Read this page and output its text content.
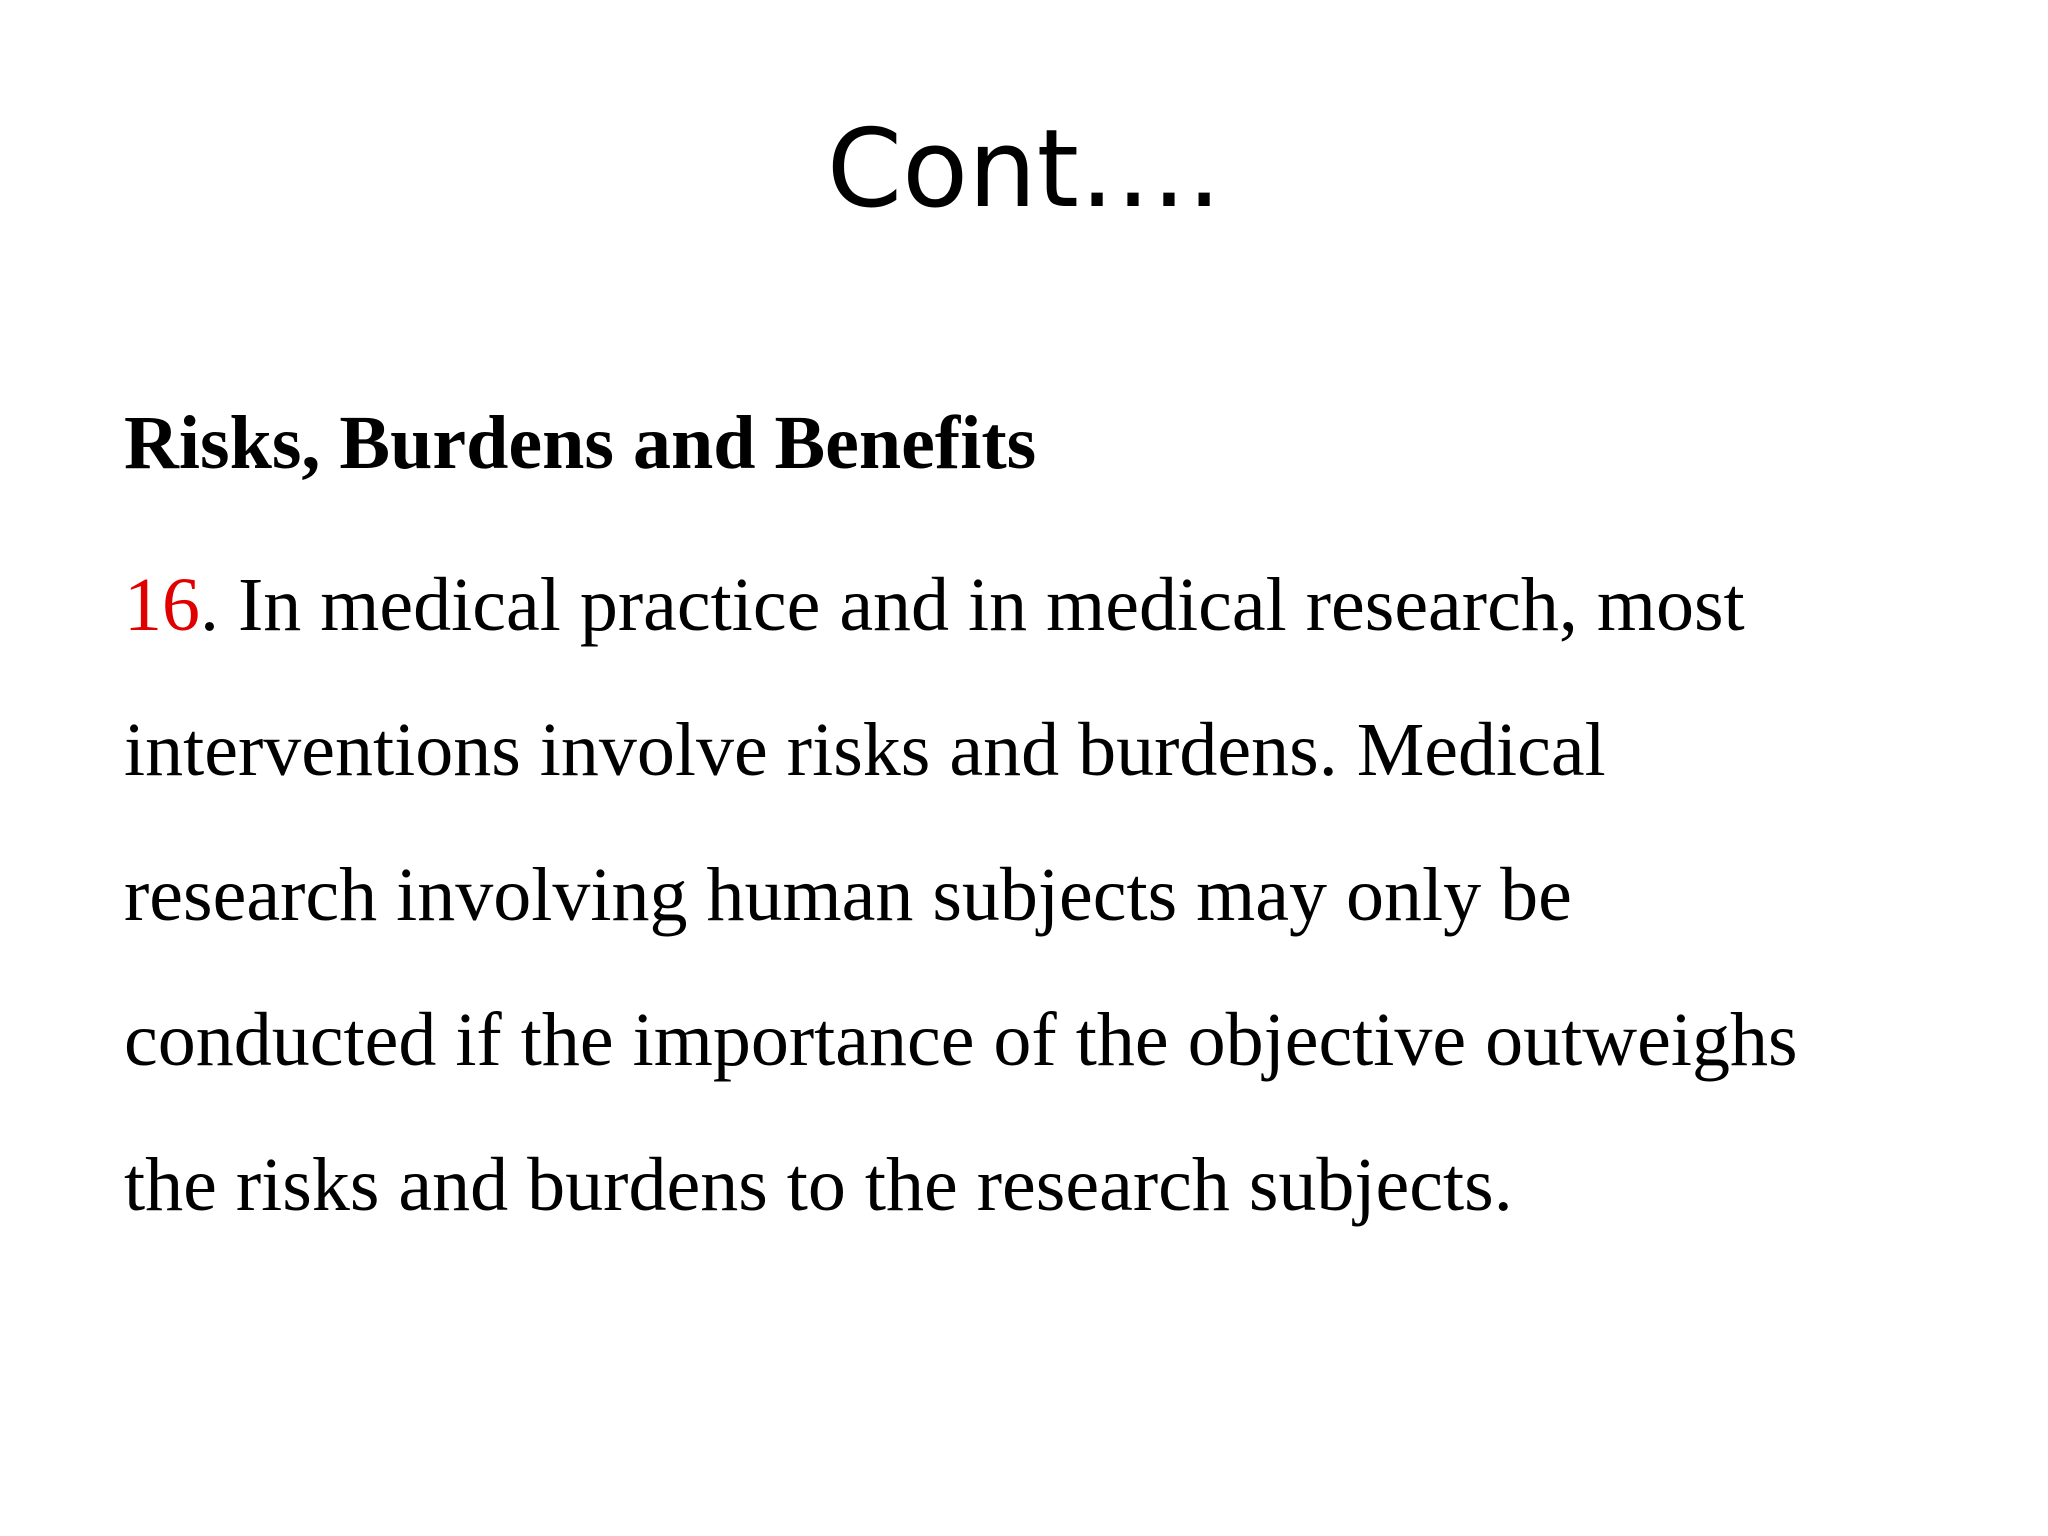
Cont….

Risks, Burdens and Benefits

16. In medical practice and in medical research, most
interventions involve risks and burdens. Medical
research involving human subjects may only be
conducted if the importance of the objective outweighs
the risks and burdens to the research subjects.
